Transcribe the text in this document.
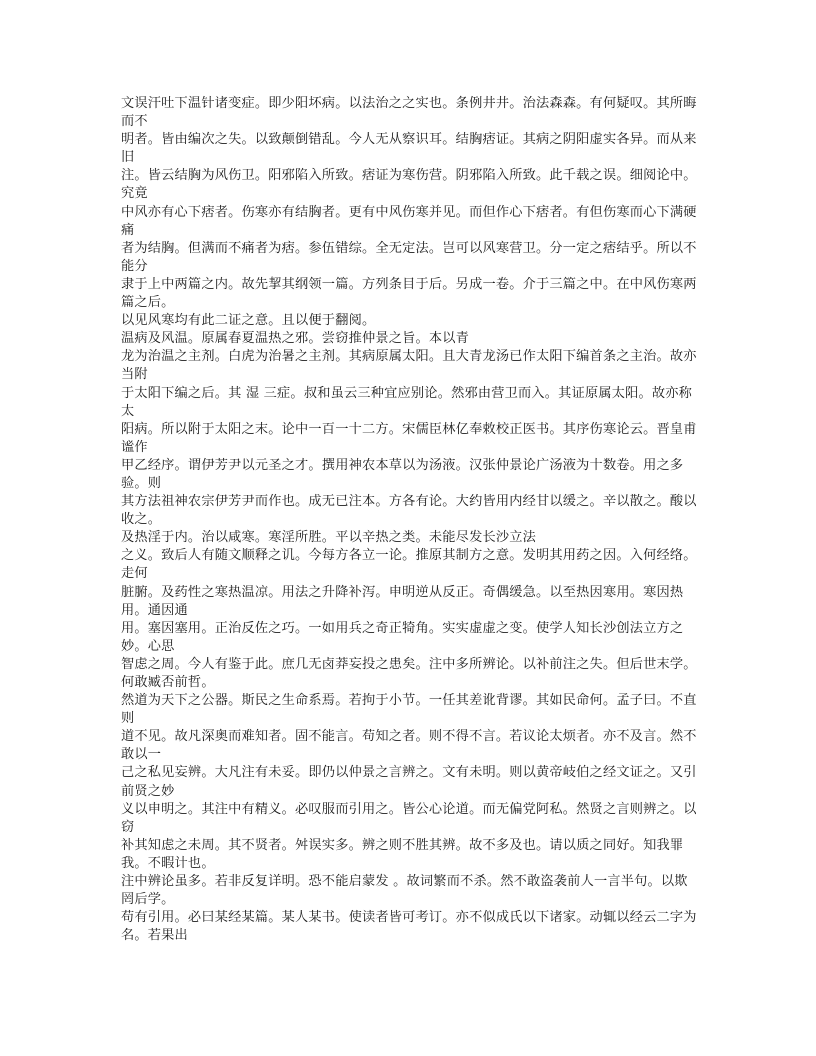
文误汗吐下温针诸变症。即少阳坏病。以法治之之实也。条例井井。治法森森。有何疑叹。其所晦而不
明者。皆由编次之失。以致颠倒错乱。今人无从察识耳。结胸痞证。其病之阴阳虚实各异。而从来旧
注。皆云结胸为风伤卫。阳邪陷入所致。痞证为寒伤营。阴邪陷入所致。此千载之误。细阅论中。究竟
中风亦有心下痞者。伤寒亦有结胸者。更有中风伤寒并见。而但作心下痞者。有但伤寒而心下满硬痛
者为结胸。但满而不痛者为痞。参伍错综。全无定法。岂可以风寒营卫。分一定之痞结乎。所以不能分
隶于上中两篇之内。故先挈其纲领一篇。方列条目于后。另成一卷。介于三篇之中。在中风伤寒两篇之后。
以见风寒均有此二证之意。且以便于翻阅。
温病及风温。原属春夏温热之邪。尝窃推仲景之旨。本以青
龙为治温之主剂。白虎为治暑之主剂。其病原属太阳。且大青龙汤已作太阳下编首条之主治。故亦当附
于太阳下编之后。其 湿 三症。叔和虽云三种宜应别论。然邪由营卫而入。其证原属太阳。故亦称太
阳病。所以附于太阳之末。论中一百一十二方。宋儒臣林亿奉敕校正医书。其序伤寒论云。晋皇甫谧作
甲乙经序。谓伊芳尹以元圣之才。撰用神农本草以为汤液。汉张仲景论广汤液为十数卷。用之多验。则
其方法祖神农宗伊芳尹而作也。成无已注本。方各有论。大约皆用内经甘以缓之。辛以散之。酸以收之。
及热淫于内。治以咸寒。寒淫所胜。平以辛热之类。未能尽发长沙立法
之义。致后人有随文顺释之讥。今每方各立一论。推原其制方之意。发明其用药之因。入何经络。走何
脏腑。及药性之寒热温凉。用法之升降补泻。申明逆从反正。奇偶缓急。以至热因寒用。寒因热用。通因通
用。塞因塞用。正治反佐之巧。一如用兵之奇正犄角。实实虚虚之变。使学人知长沙创法立方之妙。心思
智虑之周。今人有鉴于此。庶几无卤莽妄投之患矣。注中多所辨论。以补前注之失。但后世末学。何敢臧否前哲。
然道为天下之公器。斯民之生命系焉。若拘于小节。一任其差讹背谬。其如民命何。孟子曰。不直则
道不见。故凡深奥而难知者。固不能言。苟知之者。则不得不言。若议论太烦者。亦不及言。然不敢以一
己之私见妄辨。大凡注有未妥。即仍以仲景之言辨之。文有未明。则以黄帝岐伯之经文证之。又引前贤之妙
义以申明之。其注中有精义。必叹服而引用之。皆公心论道。而无偏党阿私。然贤之言则辨之。以窃
补其知虑之未周。其不贤者。舛误实多。辨之则不胜其辨。故不多及也。请以质之同好。知我罪我。不暇计也。
注中辨论虽多。若非反复详明。恐不能启蒙发 。故词繁而不杀。然不敢盗袭前人一言半句。以欺罔后学。
苟有引用。必曰某经某篇。某人某书。使读者皆可考订。亦不似成氏以下诸家。动辄以经云二字为名。若果出
